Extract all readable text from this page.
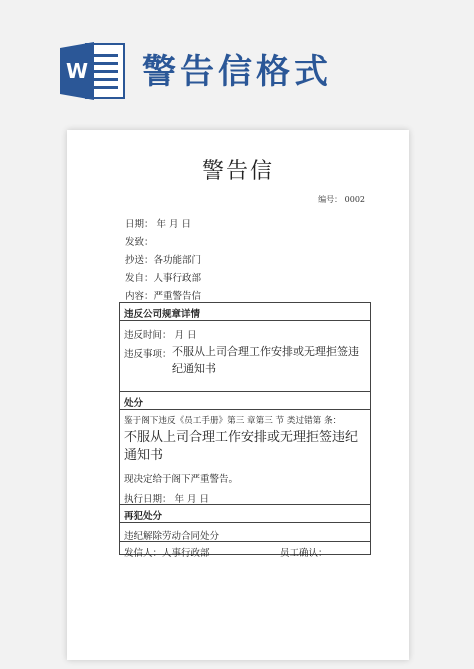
W 警告信格式
警告信
编号： 0002
日期： 年 月 日
发致：
抄送：各功能部门
发自：人事行政部
内容：严重警告信
违反公司规章详情
违反时间： 月 日
违反事项： 不服从上司合理工作安排或无理拒签违纪通知书
处分
鉴于阁下违反《员工手册》第三 章第三 节 类过错第 条：
不服从上司合理工作安排或无理拒签违纪通知书
现决定给于阁下严重警告。
执行日期： 年 月 日
再犯处分
违纪解除劳动合同处分
发信人：人事行政部	员工确认：
